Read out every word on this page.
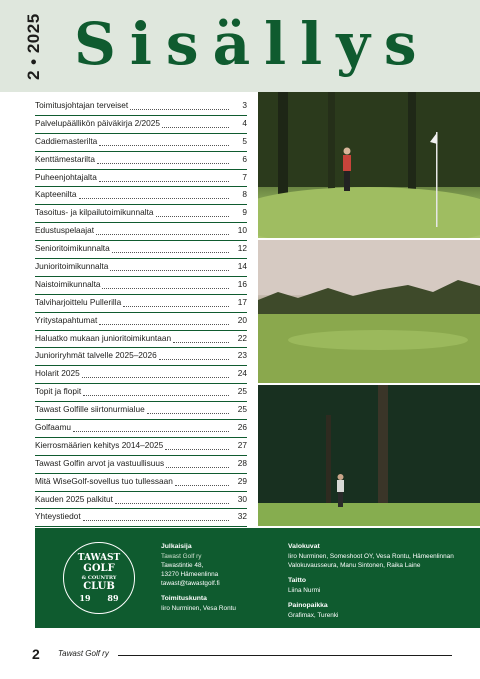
2 • 2025 Sisällys
Toimitusjohtajan terveiset	3
Palvelupäällikön päiväkirja 2/2025	4
Caddiemasterilta	5
Kenttämestarilta	6
Puheenjohtajalta	7
Kapteenilta	8
Tasoitus- ja kilpailutoimikunnalta	9
Edustuspelaajat	10
Senioritoimikunnalta	12
Junioritoimikunnalta	14
Naistoimikunnalta	16
Talviharjoittelu Pullerilla	17
Yritystapahtumat	20
Haluatko mukaan junioritoimikuntaan	22
Junioriryhmät talvelle 2025–2026	23
Holarit 2025	24
Topit ja flopit	25
Tawast Golfille siirtonurmialue	25
Golfaamu	26
Kierrosmäärien kehitys 2014–2025	27
Tawast Golfin arvot ja vastuullisuus	28
Mitä WiseGolf-sovellus tuo tullessaan	29
Kauden 2025 palkitut	30
Yhteystiedot	32
TAWAST
GOLF
& COUNTRY
CLUB
19	89
Julkaisija
Tawast Golf ry
Tawastintie 48,
13270 Hämeenlinna
tawast@tawastgolf.fi
Toimituskunta
Iiro Nurminen, Vesa Rontu
Valokuvat
Iiro Nurminen, Someshoot OY, Vesa Rontu, Hämeenlinnan
Valokuvausseura, Manu Sintonen, Raika Laine
Taitto
Liina Nurmi
Painopaikka
Grafimax, Turenki
2 Tawast Golf ry
